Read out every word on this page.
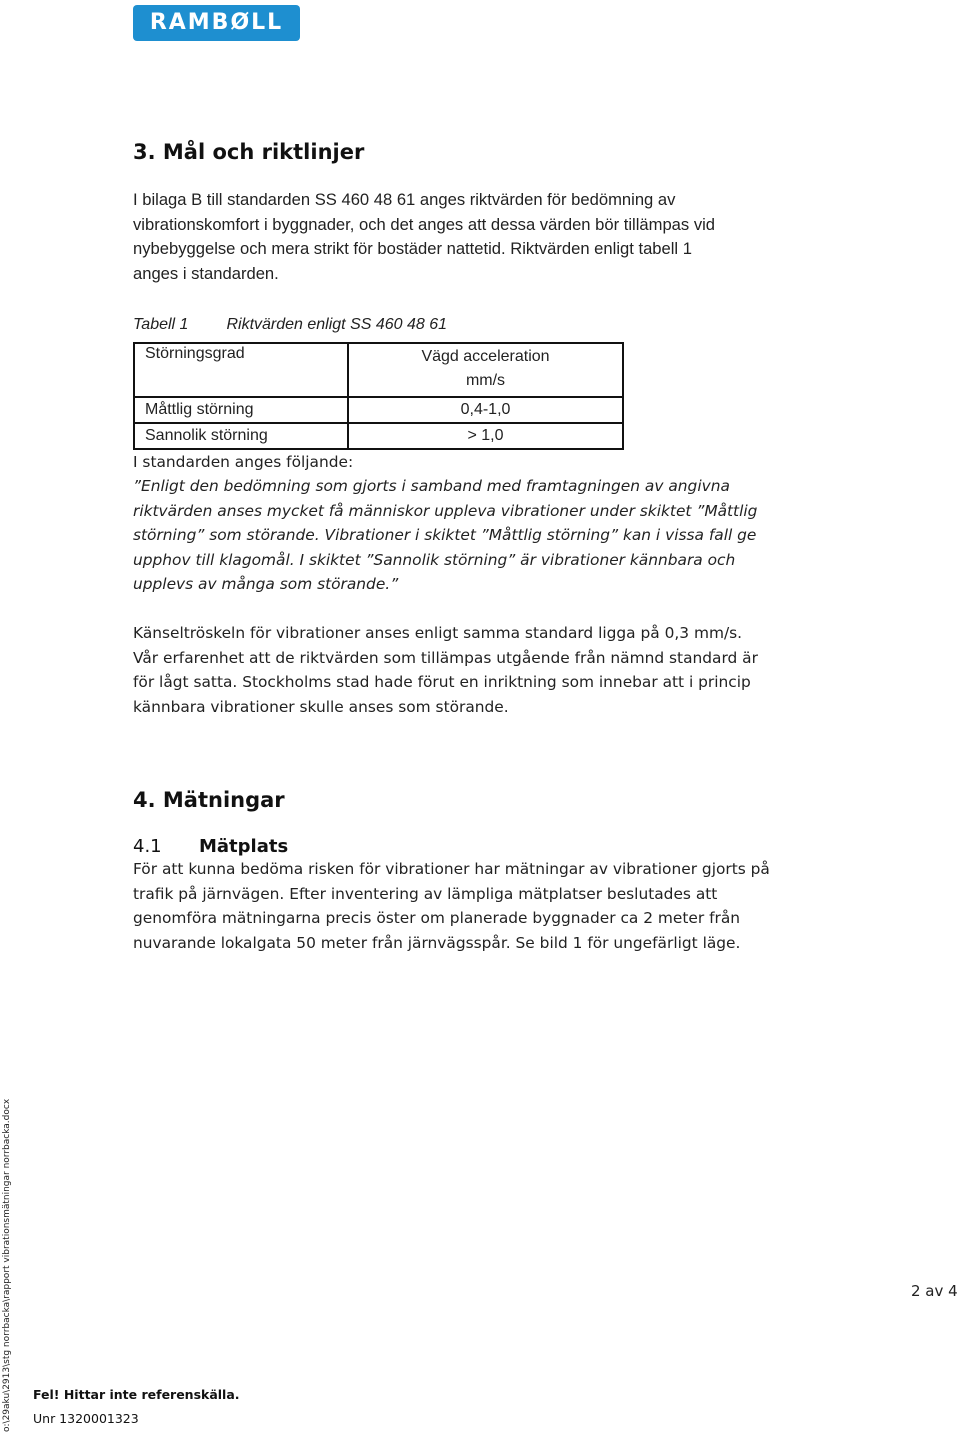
RAMBØLL
3. Mål och riktlinjer

I bilaga B till standarden SS 460 48 61 anges riktvärden för bedömning av

vibrationskomfort i byggnader, och det anges att dessa värden bör tillämpas vid

nybebyggelse och mera strikt för bostäder nattetid. Riktvärden enligt tabell 1

anges i standarden.

Tabell 1 Riktvärden enligt SS 460 48 61
Störningsgrad	Vägd acceleration
mm/s

Måttlig störning	0,4-1,0
Sannolik störning	> 1,0
I standarden anges följande:

”Enligt den bedömning som gjorts i samband med framtagningen av angivna

riktvärden anses mycket få människor uppleva vibrationer under skiktet ”Måttlig

störning” som störande. Vibrationer i skiktet ”Måttlig störning” kan i vissa fall ge

upphov till klagomål. I skiktet ”Sannolik störning” är vibrationer kännbara och

upplevs av många som störande.”

Känseltröskeln för vibrationer anses enligt samma standard ligga på 0,3 mm/s.

Vår erfarenhet att de riktvärden som tillämpas utgående från nämnd standard är

för lågt satta. Stockholms stad hade förut en inriktning som innebar att i princip

kännbara vibrationer skulle anses som störande.

4. Mätningar
4.1 Mätplats

För att kunna bedöma risken för vibrationer har mätningar av vibrationer gjorts på

trafik på järnvägen. Efter inventering av lämpliga mätplatser beslutades att

genomföra mätningarna precis öster om planerade byggnader ca 2 meter från

nuvarande lokalgata 50 meter från järnvägsspår. Se bild 1 för ungefärligt läge.

o:\29aku\2913\stg norrbacka\rapport vibrationsmätningar norrbacka.docx	2 av 4
Fel! Hittar inte referenskälla.
Unr 1320001323
